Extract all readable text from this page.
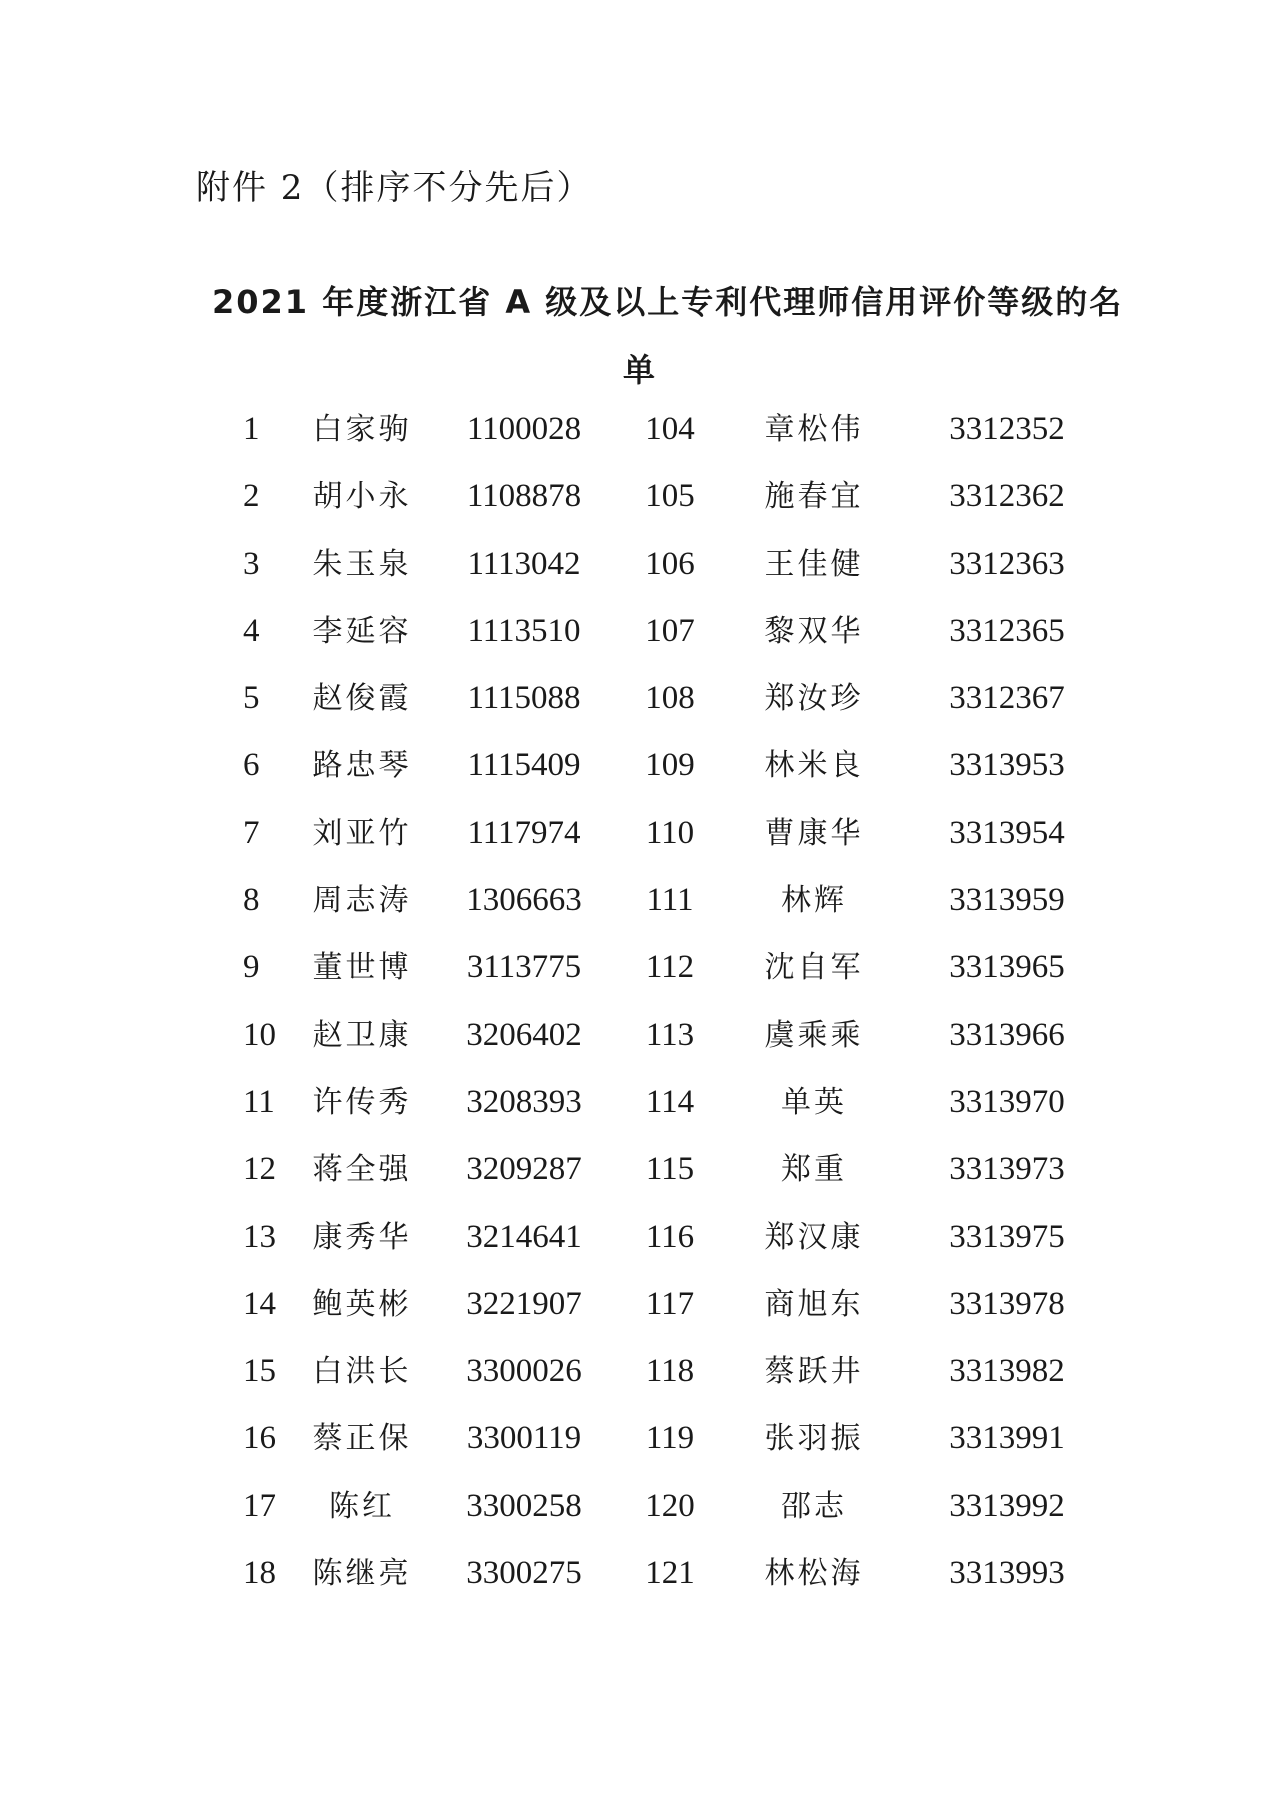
附件 2（排序不分先后）
2021 年度浙江省 A 级及以上专利代理师信用评价等级的名
单
1 白家驹 1100028 104 章松伟	3312352
2 胡小永 1108878 105 施春宜	3312362
3 朱玉泉 1113042 106 王佳健	3312363
4 李延容 1113510 107 黎双华	3312365
5 赵俊霞 1115088 108 郑汝珍	3312367
6 路忠琴 1115409 109 林米良	3313953
7 刘亚竹 1117974 110 曹康华	3313954
8 周志涛 1306663 111	林辉	3313959
9 董世博 3113775 112 沈自军	3313965
10 赵卫康 3206402 113 虞乘乘	3313966
11 许传秀 3208393 114	单英	3313970
12 蒋全强 3209287 115	郑重	3313973
13 康秀华 3214641 116 郑汉康	3313975
14 鲍英彬 3221907 117 商旭东	3313978
15 白洪长 3300026 118 蔡跃井	3313982
16 蔡正保 3300119 119 张羽振	3313991
17 陈红 3300258 120	邵志	3313992
18 陈继亮 3300275 121 林松海	3313993
